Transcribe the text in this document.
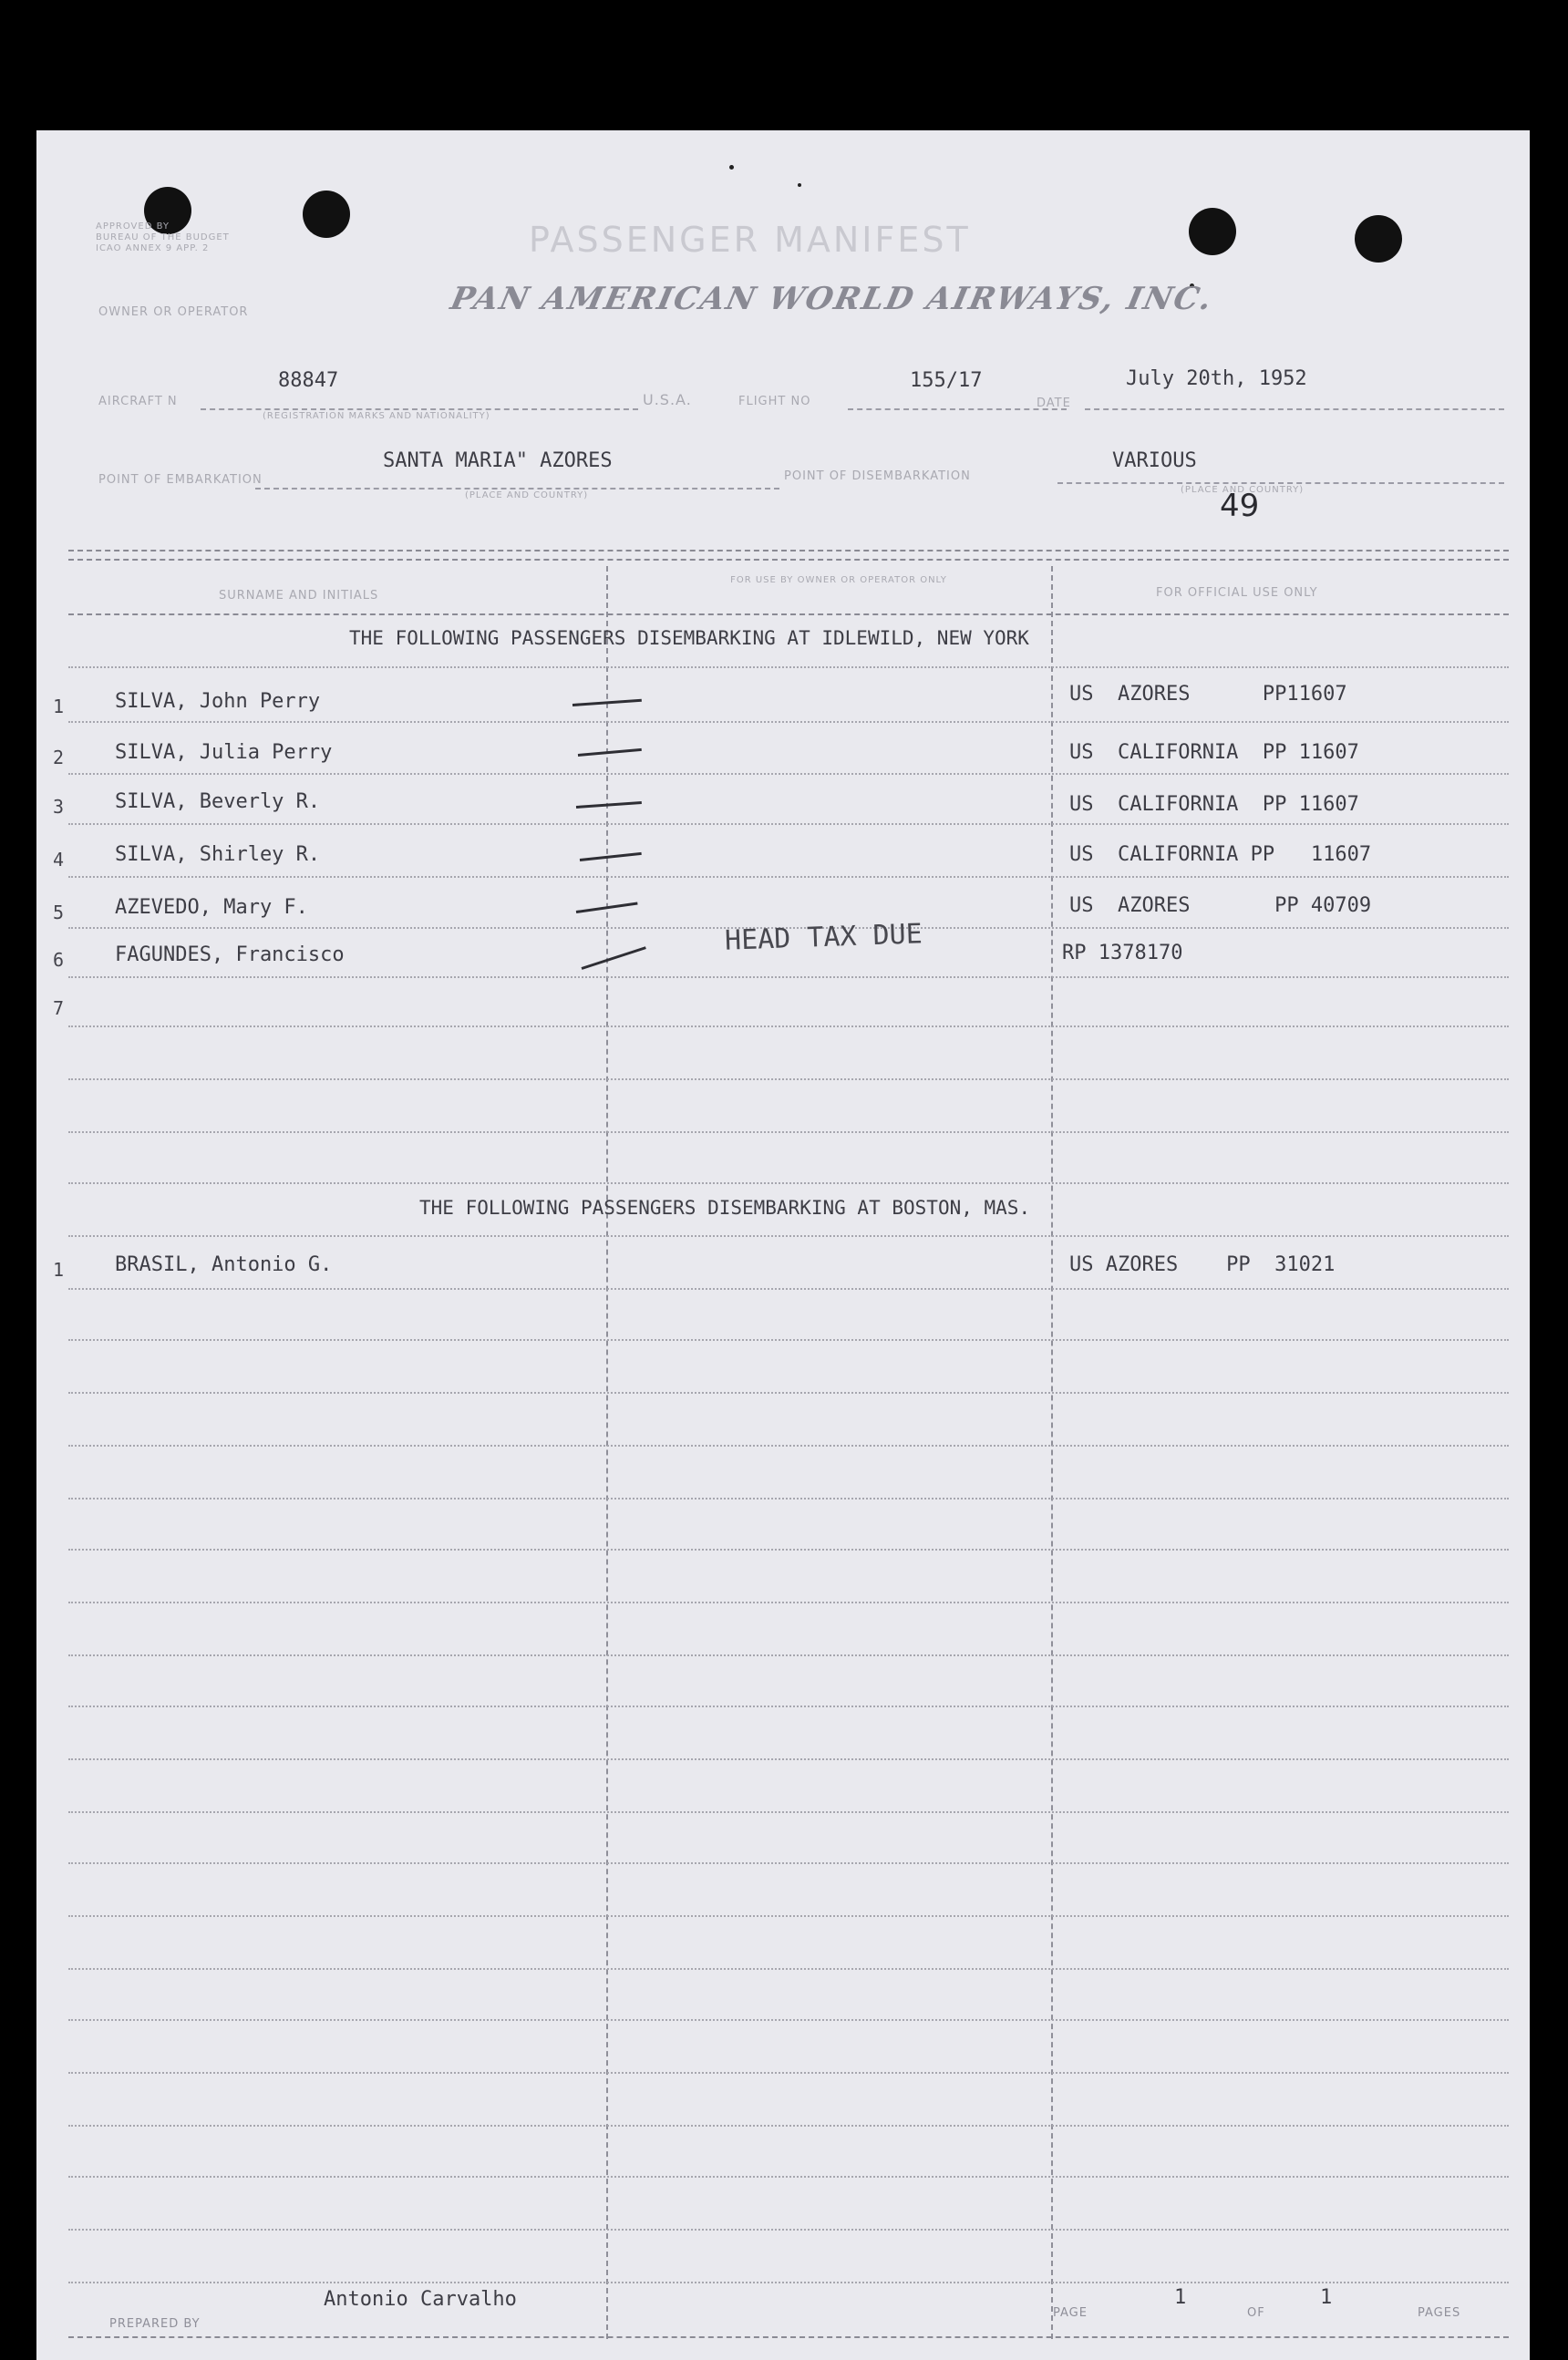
APPROVED BY
BUREAU OF THE BUDGET
ICAO ANNEX 9 APP. 2	PASSENGER MANIFEST
OWNER OR OPERATOR	PAN AMERICAN WORLD AIRWAYS, INC.
AIRCRAFT N
88847
(REGISTRATION MARKS AND NATIONALITY)
U.S.A.	FLIGHT NO
155/17
DATE
July 20th, 1952
POINT OF EMBARKATION
SANTA MARIA" AZORES
(PLACE AND COUNTRY)
POINT OF DISEMBARKATION
VARIOUS
(PLACE AND COUNTRY)
49
SURNAME AND INITIALS
FOR USE BY OWNER OR OPERATOR ONLY
FOR OFFICIAL USE ONLY
THE FOLLOWING PASSENGERS DISEMBARKING AT IDLEWILD, NEW YORK
1	SILVA, John Perry	US  AZORES      PP11607
2	SILVA, Julia Perry	US  CALIFORNIA  PP 11607
3	SILVA, Beverly R.	US  CALIFORNIA  PP 11607
4	SILVA, Shirley R.	US  CALIFORNIA PP   11607
5	AZEVEDO, Mary F.	US  AZORES       PP 40709
6	FAGUNDES, Francisco	HEAD TAX DUE	RP 1378170
7
THE FOLLOWING PASSENGERS DISEMBARKING AT BOSTON, MAS.
1	BRASIL, Antonio G.	US AZORES    PP  31021
PREPARED BY
Antonio Carvalho
PAGE
1
OF
1
PAGES
